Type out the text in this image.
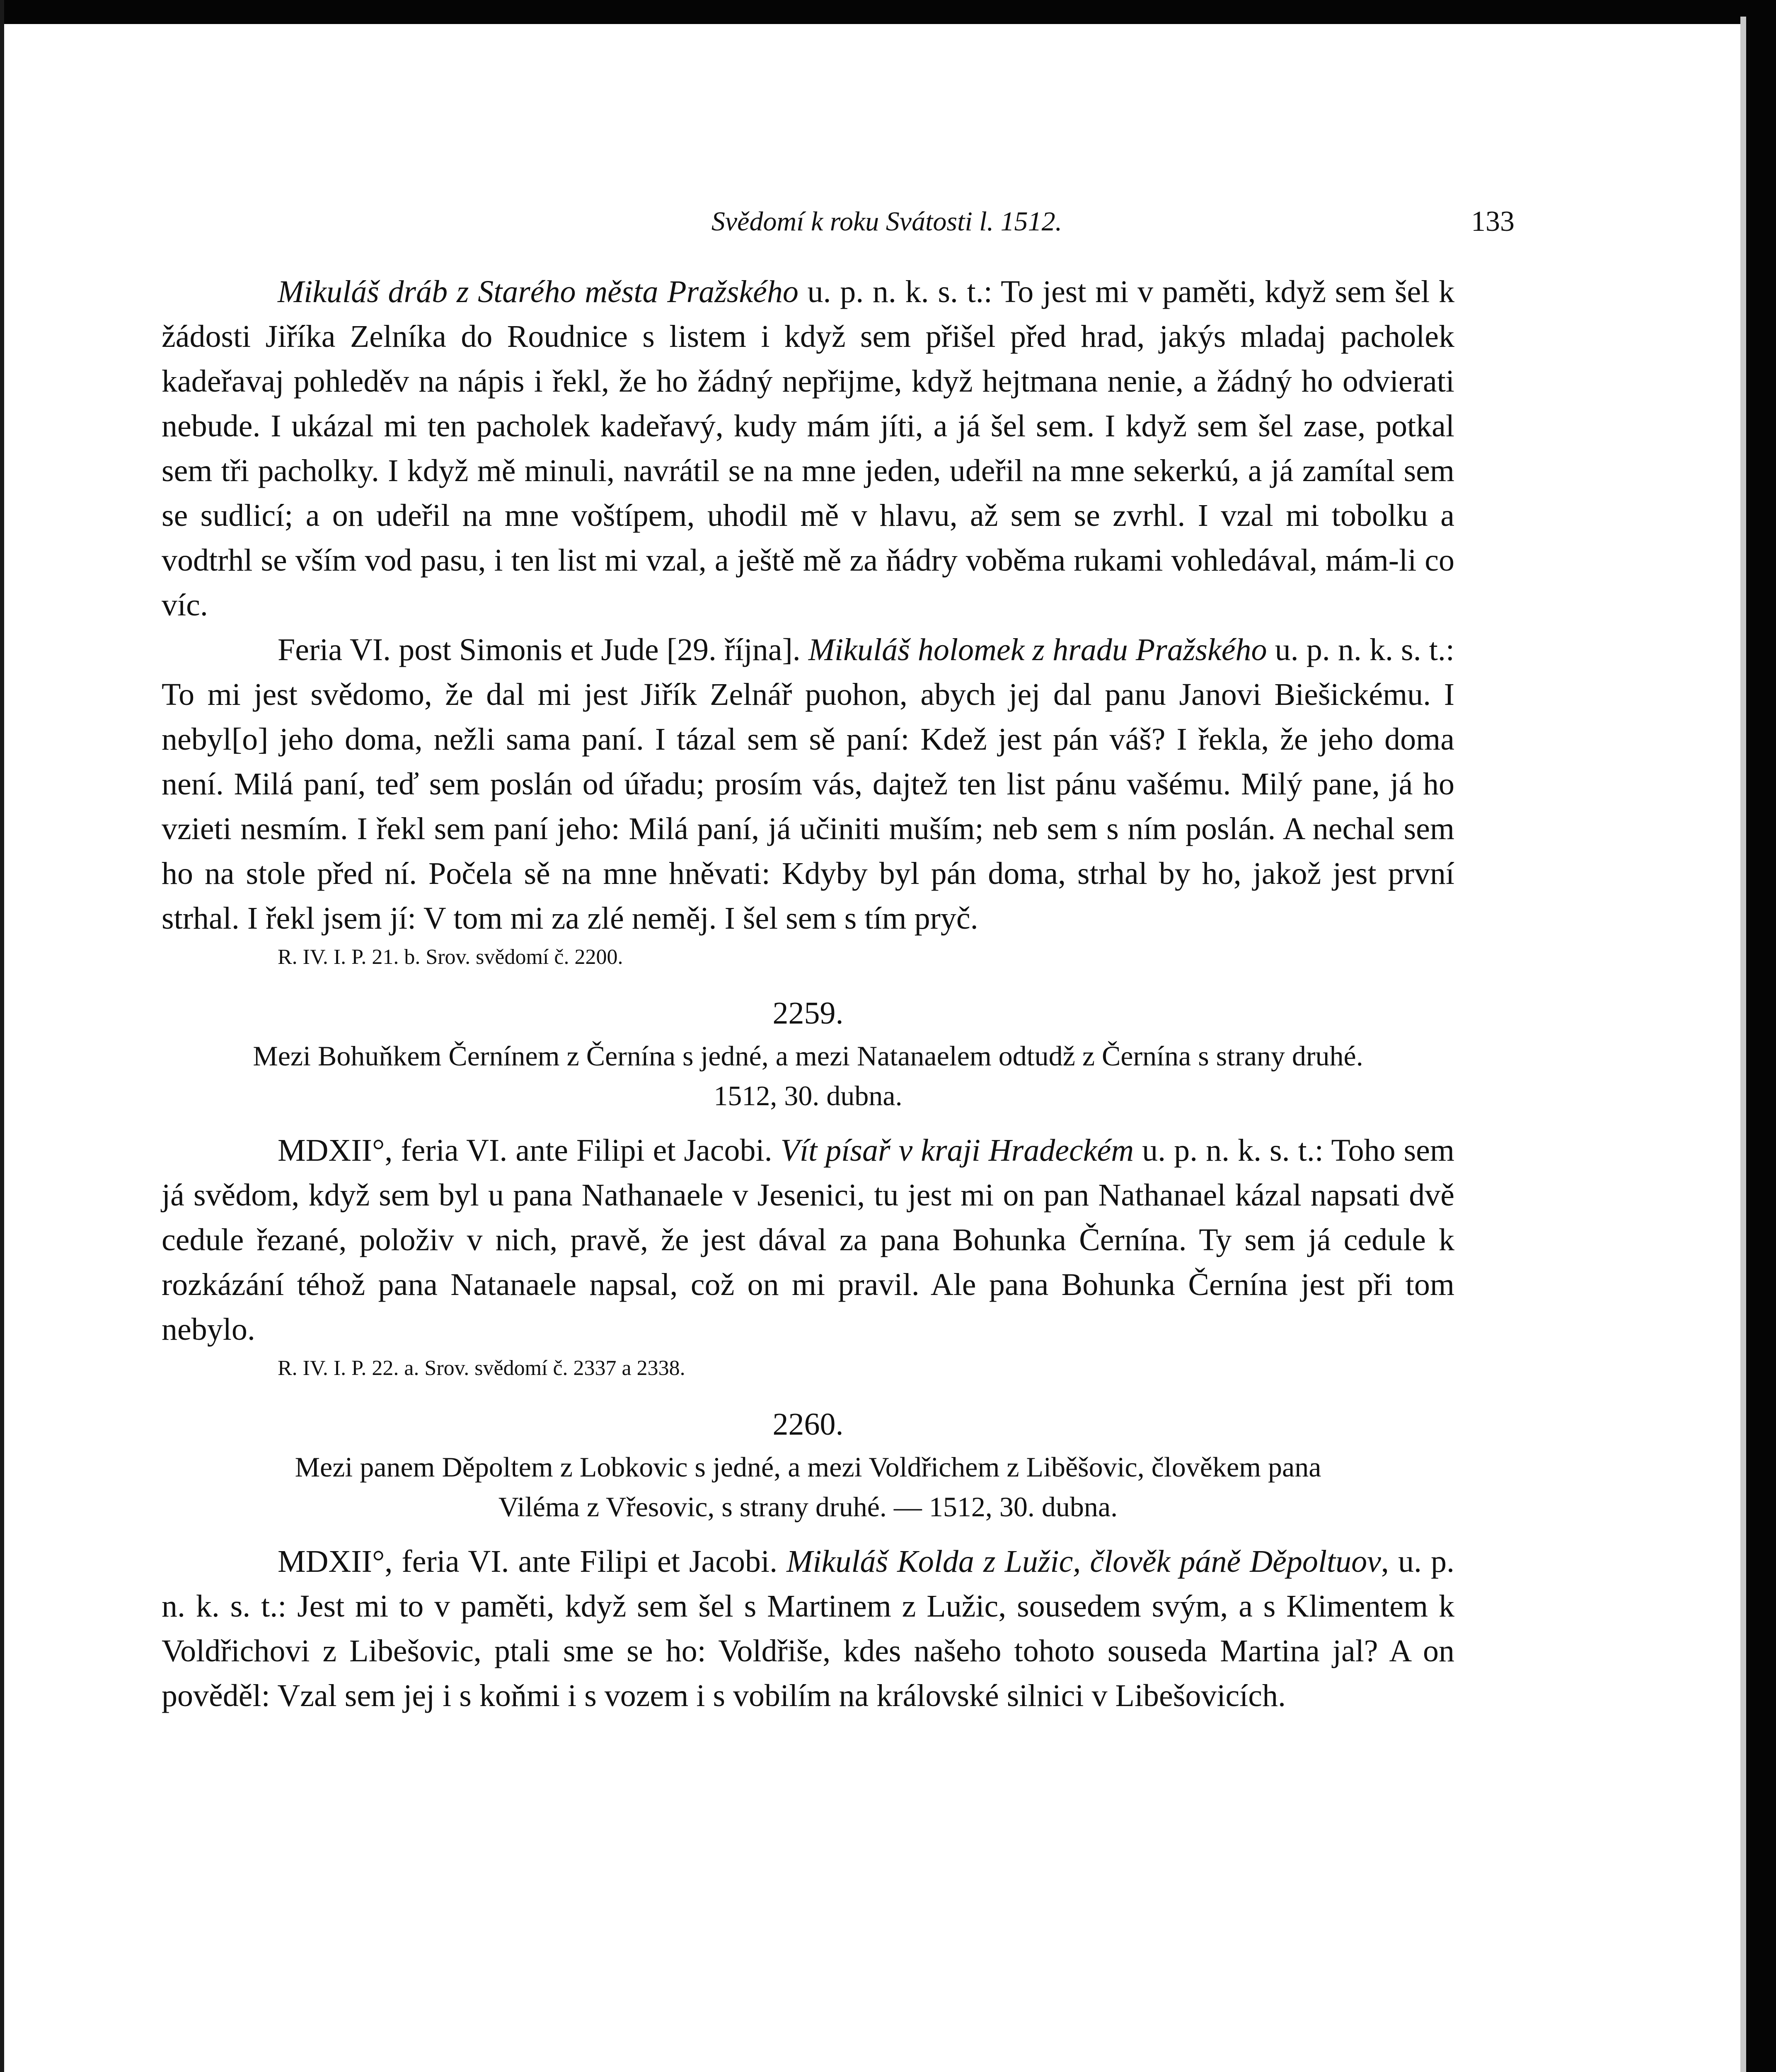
Svědomí k roku Svátosti l. 1512.	133

Mikuláš dráb z Starého města Pražského u. p. n. k. s. t.: To jest mi v paměti, když sem šel k žádosti Jiříka Zelníka do Roudnice s listem i když sem přišel před hrad, jakýs mladaj pacholek kadeřavaj pohleděv na nápis i řekl, že ho žádný nepřijme, když hejtmana nenie, a žádný ho odvierati nebude. I ukázal mi ten pacholek kadeřavý, kudy mám jíti, a já šel sem. I když sem šel zase, potkal sem tři pacholky. I když mě minuli, navrátil se na mne jeden, udeřil na mne sekerkú, a já zamítal sem se sudlicí; a on udeřil na mne voštípem, uhodil mě v hlavu, až sem se zvrhl. I vzal mi tobolku a vodtrhl se vším vod pasu, i ten list mi vzal, a ještě mě za ňádry voběma rukami vohledával, mám-li co víc.

Feria VI. post Simonis et Jude [29. října]. Mikuláš holomek z hradu Pražského u. p. n. k. s. t.: To mi jest svědomo, že dal mi jest Jiřík Zelnář puohon, abych jej dal panu Janovi Biešickému. I nebyl[o] jeho doma, nežli sama paní. I tázal sem sě paní: Kdež jest pán váš? I řekla, že jeho doma není. Milá paní, teď sem poslán od úřadu; prosím vás, dajtež ten list pánu vašému. Milý pane, já ho vzieti nesmím. I řekl sem paní jeho: Milá paní, já učiniti muším; neb sem s ním poslán. A nechal sem ho na stole před ní. Počela sě na mne hněvati: Kdyby byl pán doma, strhal by ho, jakož jest první strhal. I řekl jsem jí: V tom mi za zlé neměj. I šel sem s tím pryč.

R. IV. I. P. 21. b. Srov. svědomí č. 2200.

2259.

Mezi Bohuňkem Černínem z Černína s jedné, a mezi Natanaelem odtudž z Černína s strany druhé.
1512, 30. dubna.

MDXII°, feria VI. ante Filipi et Jacobi. Vít písař v kraji Hradeckém u. p. n. k. s. t.: Toho sem já svědom, když sem byl u pana Nathanaele v Jesenici, tu jest mi on pan Nathanael kázal napsati dvě cedule řezané, položiv v nich, pravě, že jest dával za pana Bohunka Černína. Ty sem já cedule k rozkázání téhož pana Natanaele napsal, což on mi pravil. Ale pana Bohunka Černína jest při tom nebylo.

R. IV. I. P. 22. a. Srov. svědomí č. 2337 a 2338.

2260.

Mezi panem Děpoltem z Lobkovic s jedné, a mezi Voldřichem z Liběšovic, člověkem pana
Viléma z Vřesovic, s strany druhé. — 1512, 30. dubna.

MDXII°, feria VI. ante Filipi et Jacobi. Mikuláš Kolda z Lužic, člověk páně Děpoltuov, u. p. n. k. s. t.: Jest mi to v paměti, když sem šel s Martinem z Lužic, sousedem svým, a s Klimentem k Voldřichovi z Libešovic, ptali sme se ho: Voldřiše, kdes našeho tohoto souseda Martina jal? A on pověděl: Vzal sem jej i s koňmi i s vozem i s vobilím na královské silnici v Libešovicích.
